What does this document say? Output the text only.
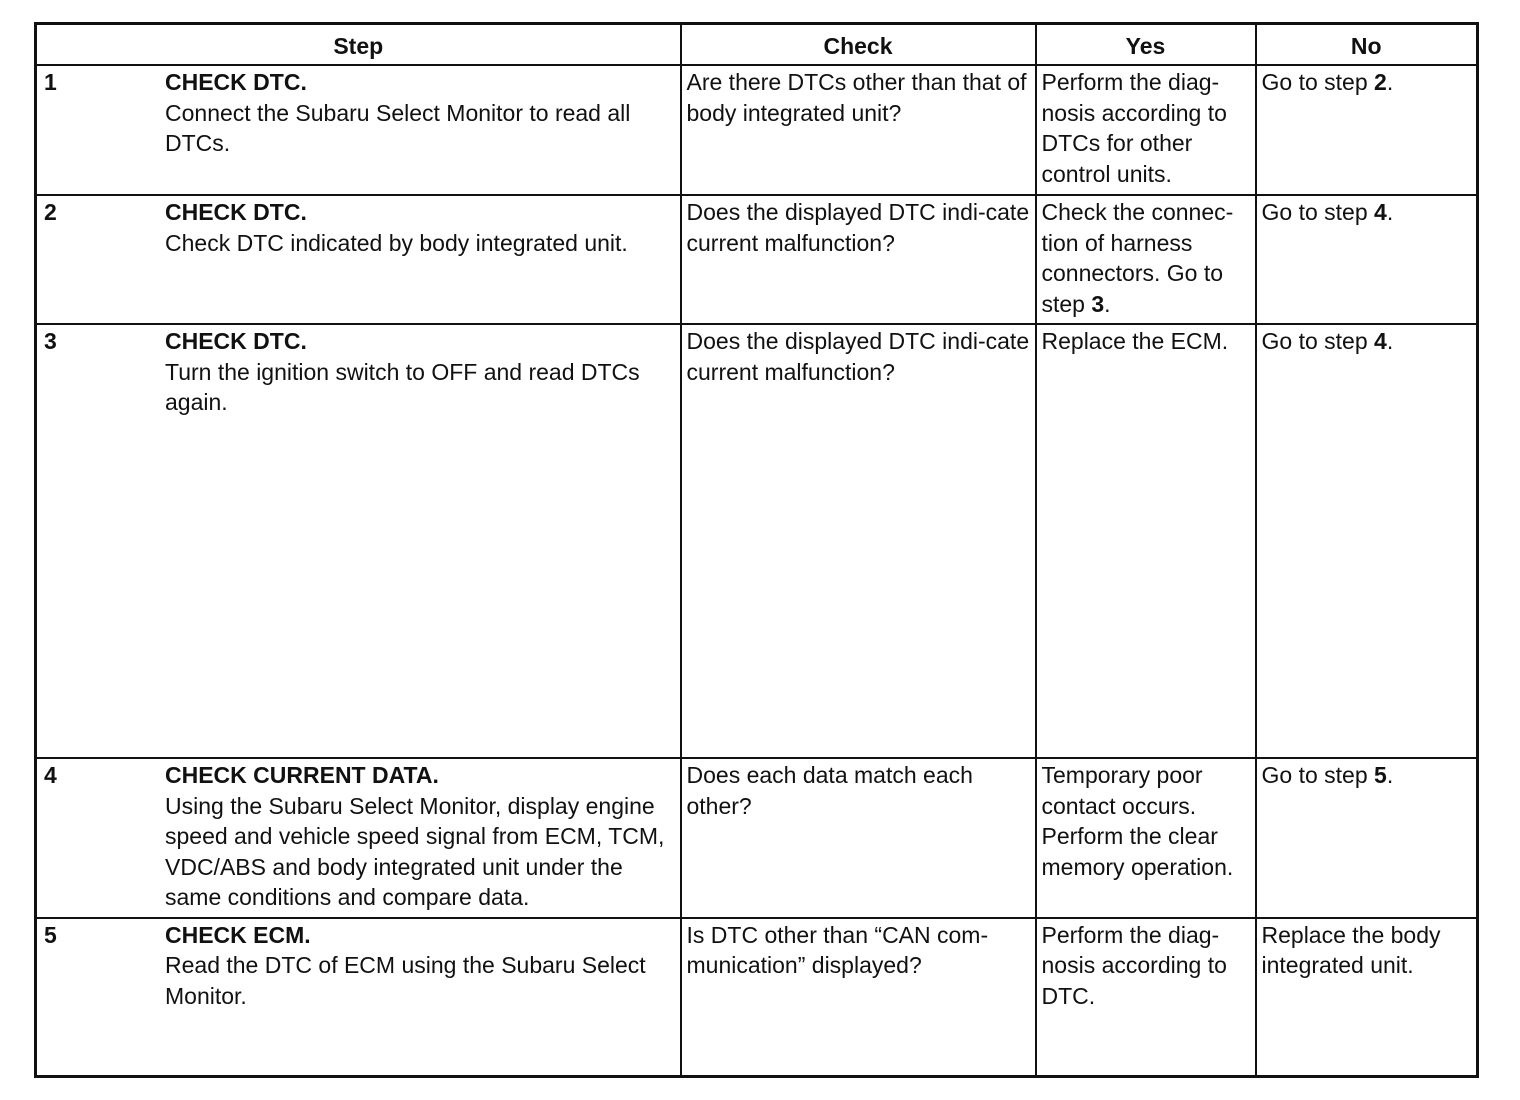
Step	Check	Yes	No

1 CHECK DTC.
Connect the Subaru Select Monitor to read all DTCs.	Are there DTCs other than that of body integrated unit?	Perform the diag-nosis according to DTCs for other control units.	Go to step 2.

2 CHECK DTC.
Check DTC indicated by body integrated unit.	Does the displayed DTC indi-cate current malfunction?	Check the connec-tion of harness connectors. Go to step 3.	Go to step 4.

3 CHECK DTC.
Turn the ignition switch to OFF and read DTCs again.	Does the displayed DTC indi-cate current malfunction?	Replace the ECM.	Go to step 4.

4 CHECK CURRENT DATA.
Using the Subaru Select Monitor, display engine speed and vehicle speed signal from ECM, TCM, VDC/ABS and body integrated unit under the same conditions and compare data.	Does each data match each other?	Temporary poor contact occurs. Perform the clear memory operation.	Go to step 5.

5 CHECK ECM.
Read the DTC of ECM using the Subaru Select Monitor.	Is DTC other than “CAN com-munication” displayed?	Perform the diag-nosis according to DTC.	Replace the body integrated unit.
